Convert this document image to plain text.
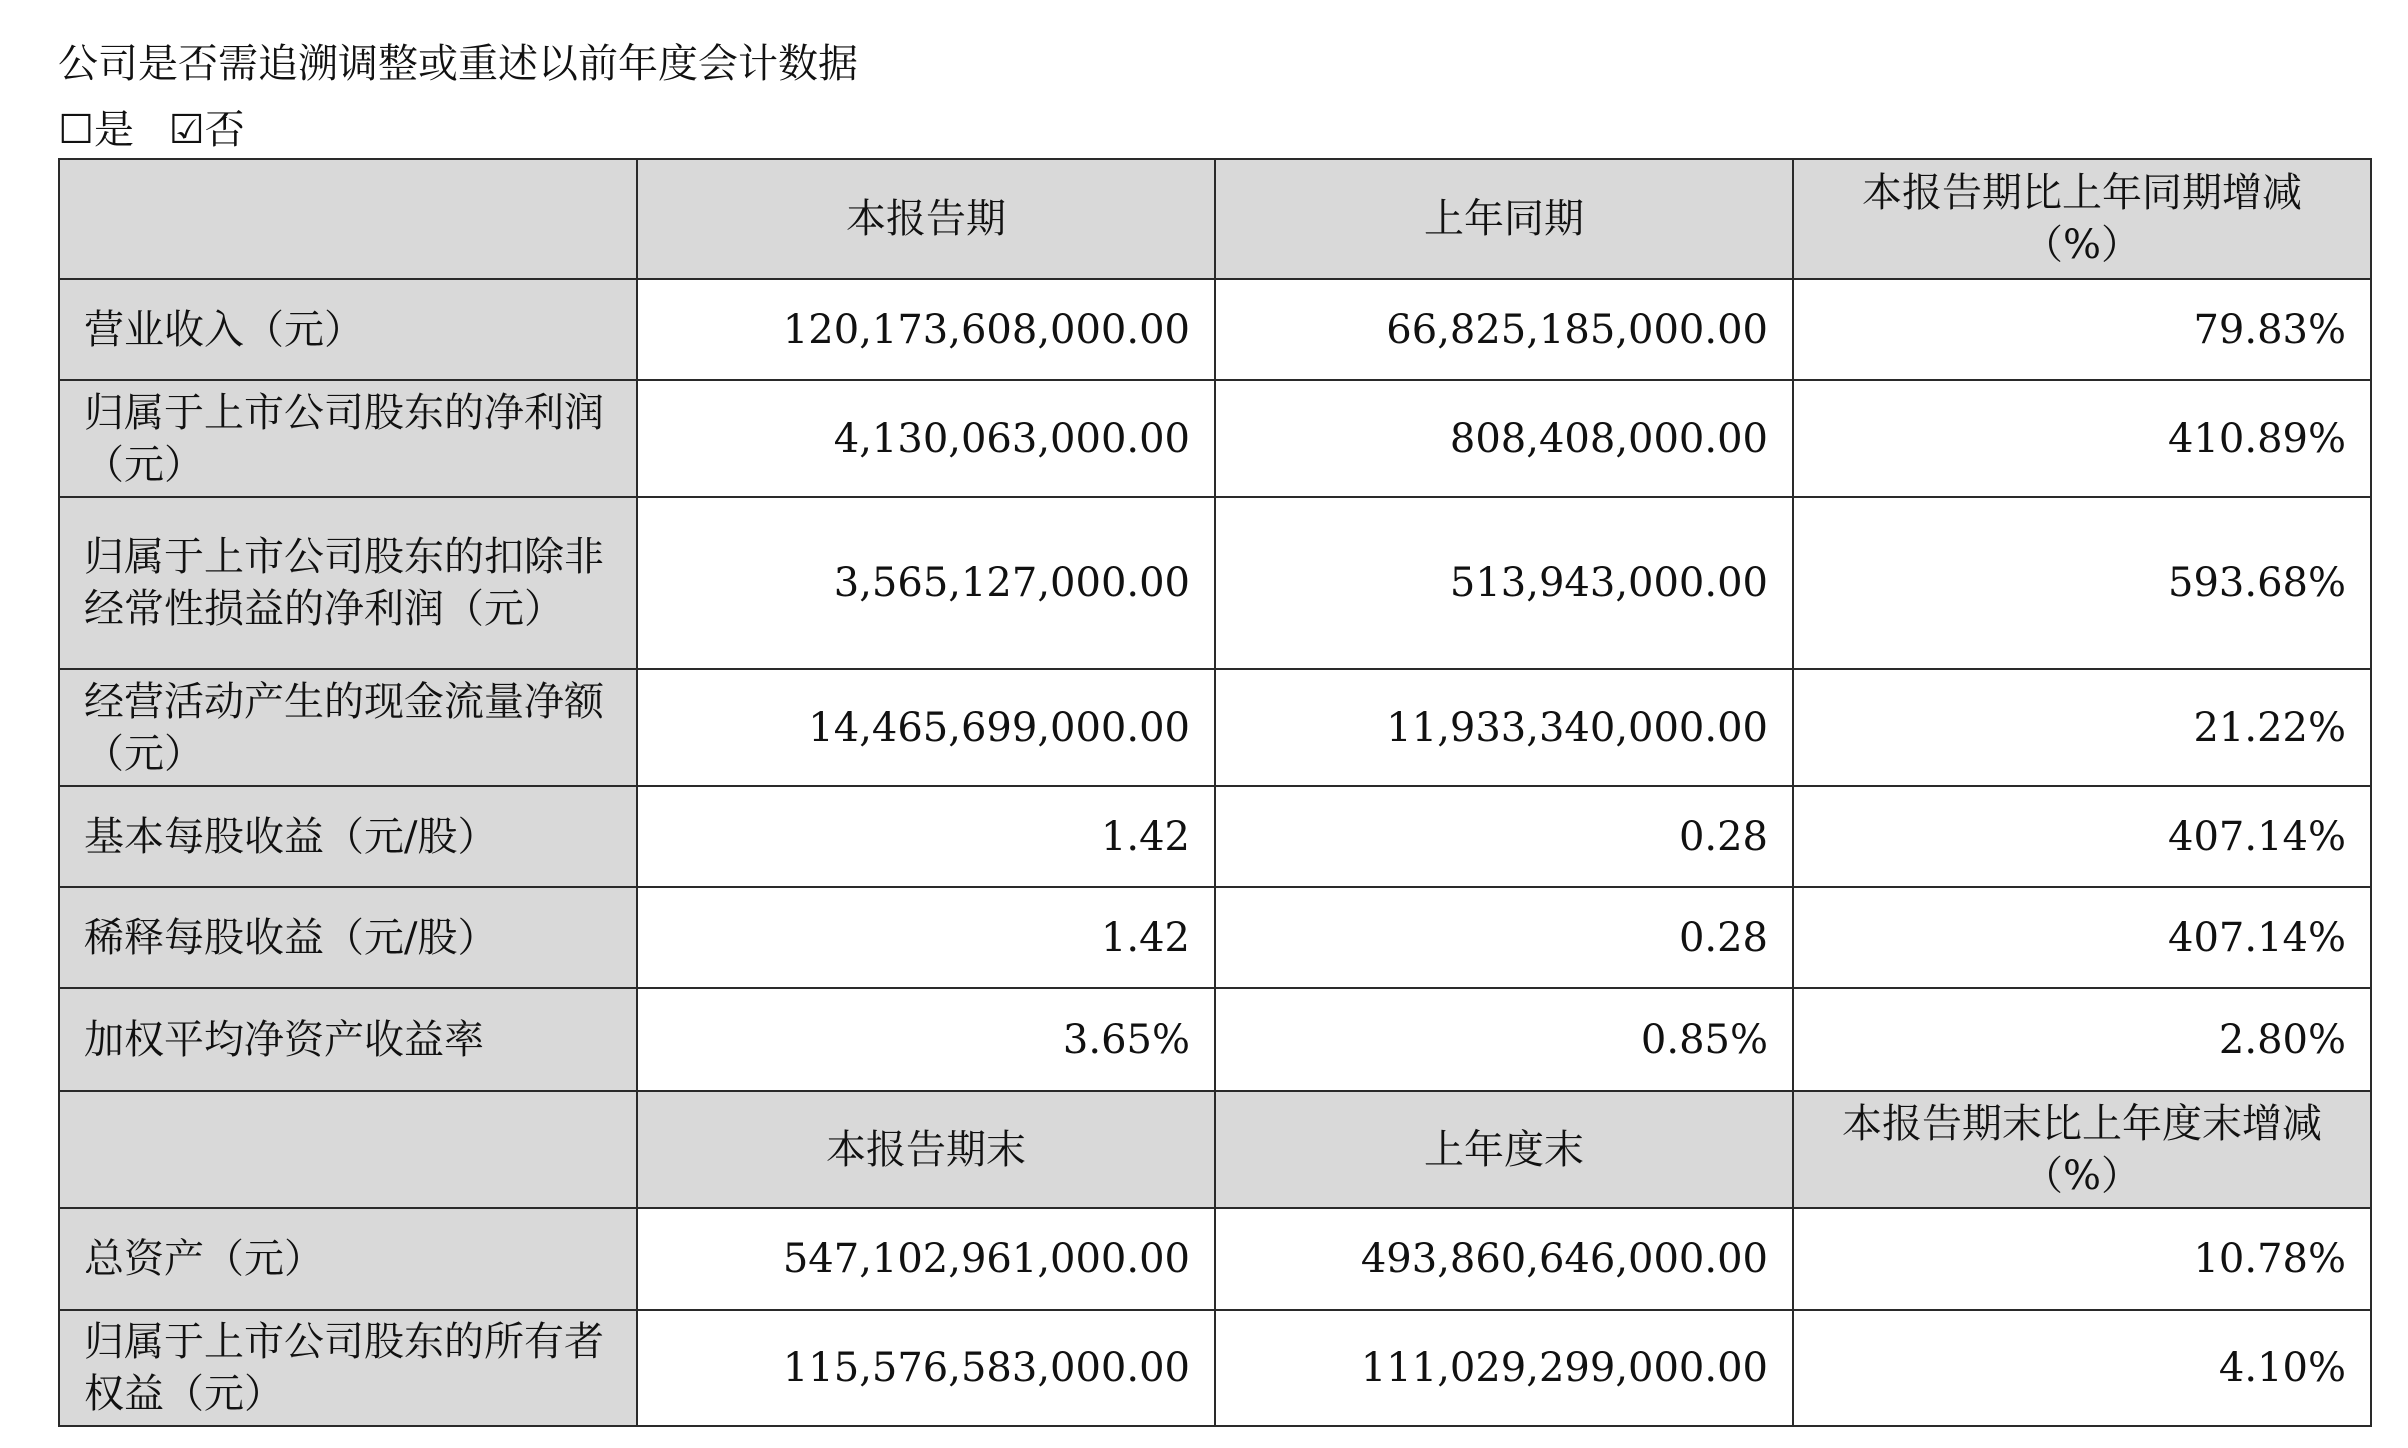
公司是否需追溯调整或重述以前年度会计数据
☐是 ☑否
	本报告期	上年同期	本报告期比上年同期增减
（%）

营业收入（元）	120,173,608,000.00	66,825,185,000.00	79.83%
归属于上市公司股东的净利润（元）	4,130,063,000.00	808,408,000.00	410.89%
归属于上市公司股东的扣除非经常性损益的净利润（元）	3,565,127,000.00	513,943,000.00	593.68%
经营活动产生的现金流量净额（元）	14,465,699,000.00	11,933,340,000.00	21.22%
基本每股收益（元/股）	1.42	0.28	407.14%
稀释每股收益（元/股）	1.42	0.28	407.14%
加权平均净资产收益率	3.65%	0.85%	2.80%
	本报告期末	上年度末	本报告期末比上年度末增减
（%）

总资产（元）	547,102,961,000.00	493,860,646,000.00	10.78%
归属于上市公司股东的所有者权益（元）	115,576,583,000.00	111,029,299,000.00	4.10%
